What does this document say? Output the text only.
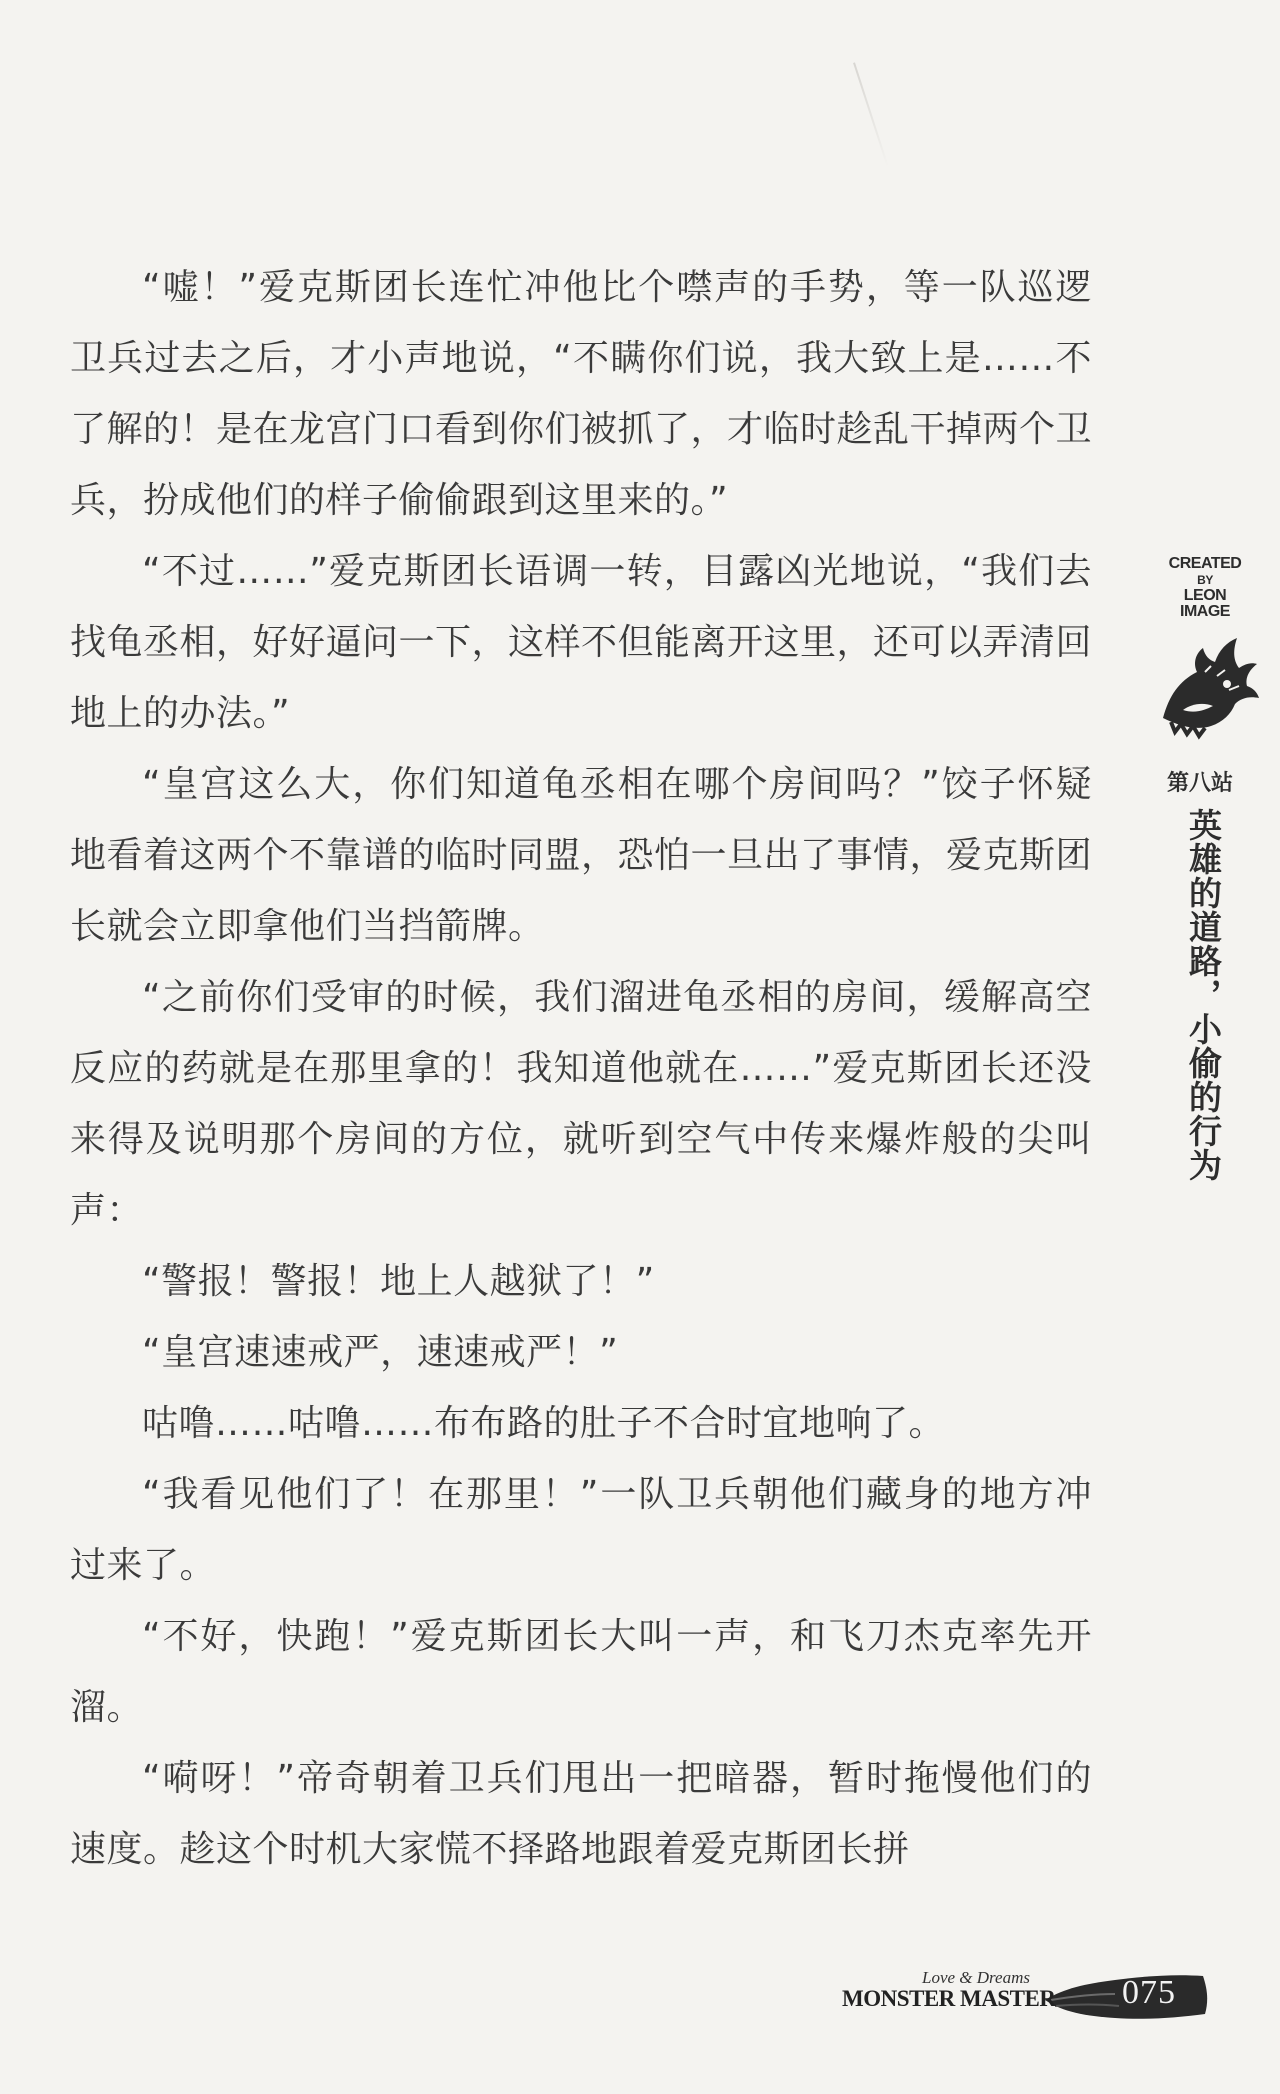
“嘘！”爱克斯团长连忙冲他比个噤声的手势，等一队巡逻卫兵过去之后，才小声地说，“不瞒你们说，我大致上是……不了解的！是在龙宫门口看到你们被抓了，才临时趁乱干掉两个卫兵，扮成他们的样子偷偷跟到这里来的。”

“不过……”爱克斯团长语调一转，目露凶光地说，“我们去找龟丞相，好好逼问一下，这样不但能离开这里，还可以弄清回地上的办法。”

“皇宫这么大，你们知道龟丞相在哪个房间吗？”饺子怀疑地看着这两个不靠谱的临时同盟，恐怕一旦出了事情，爱克斯团长就会立即拿他们当挡箭牌。

“之前你们受审的时候，我们溜进龟丞相的房间，缓解高空反应的药就是在那里拿的！我知道他就在……”爱克斯团长还没来得及说明那个房间的方位，就听到空气中传来爆炸般的尖叫声：

“警报！警报！地上人越狱了！”

“皇宫速速戒严，速速戒严！”

咕噜……咕噜……布布路的肚子不合时宜地响了。

“我看见他们了！在那里！”一队卫兵朝他们藏身的地方冲过来了。

“不好，快跑！”爱克斯团长大叫一声，和飞刀杰克率先开溜。

“嗬呀！”帝奇朝着卫兵们甩出一把暗器，暂时拖慢他们的速度。趁这个时机大家慌不择路地跟着爱克斯团长拼

CREATED
BY
LEON
IMAGE
第八站
英雄的道路，小偷的行为
Love & Dreams
MONSTER MASTER 075
